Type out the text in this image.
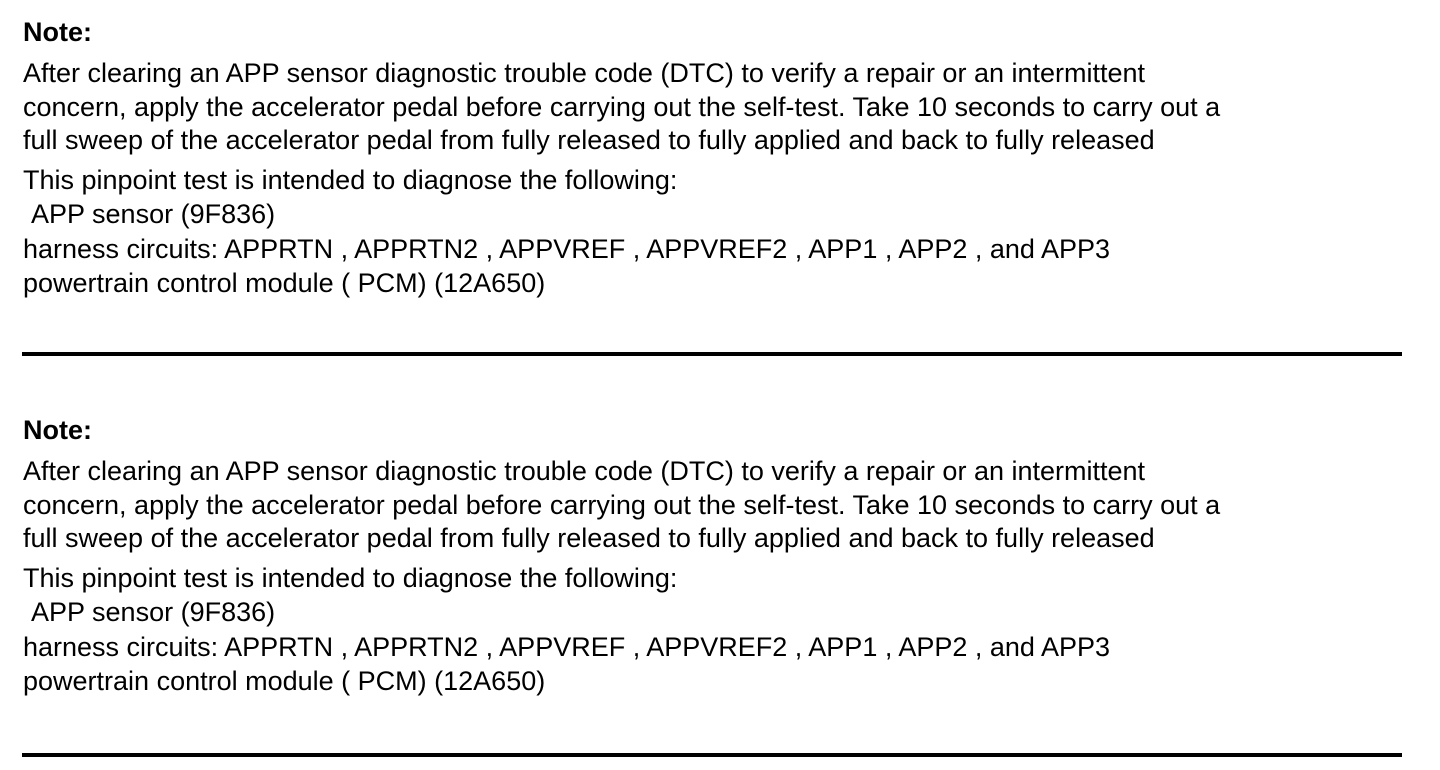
Note:

After clearing an APP sensor diagnostic trouble code (DTC) to verify a repair or an intermittent
concern, apply the accelerator pedal before carrying out the self-test. Take 10 seconds to carry out a
full sweep of the accelerator pedal from fully released to fully applied and back to fully released
This pinpoint test is intended to diagnose the following:
APP sensor (9F836)
harness circuits: APPRTN , APPRTN2 , APPVREF , APPVREF2 , APP1 , APP2 , and APP3
powertrain control module ( PCM) (12A650)

Note:

After clearing an APP sensor diagnostic trouble code (DTC) to verify a repair or an intermittent
concern, apply the accelerator pedal before carrying out the self-test. Take 10 seconds to carry out a
full sweep of the accelerator pedal from fully released to fully applied and back to fully released
This pinpoint test is intended to diagnose the following:
APP sensor (9F836)
harness circuits: APPRTN , APPRTN2 , APPVREF , APPVREF2 , APP1 , APP2 , and APP3
powertrain control module ( PCM) (12A650)
